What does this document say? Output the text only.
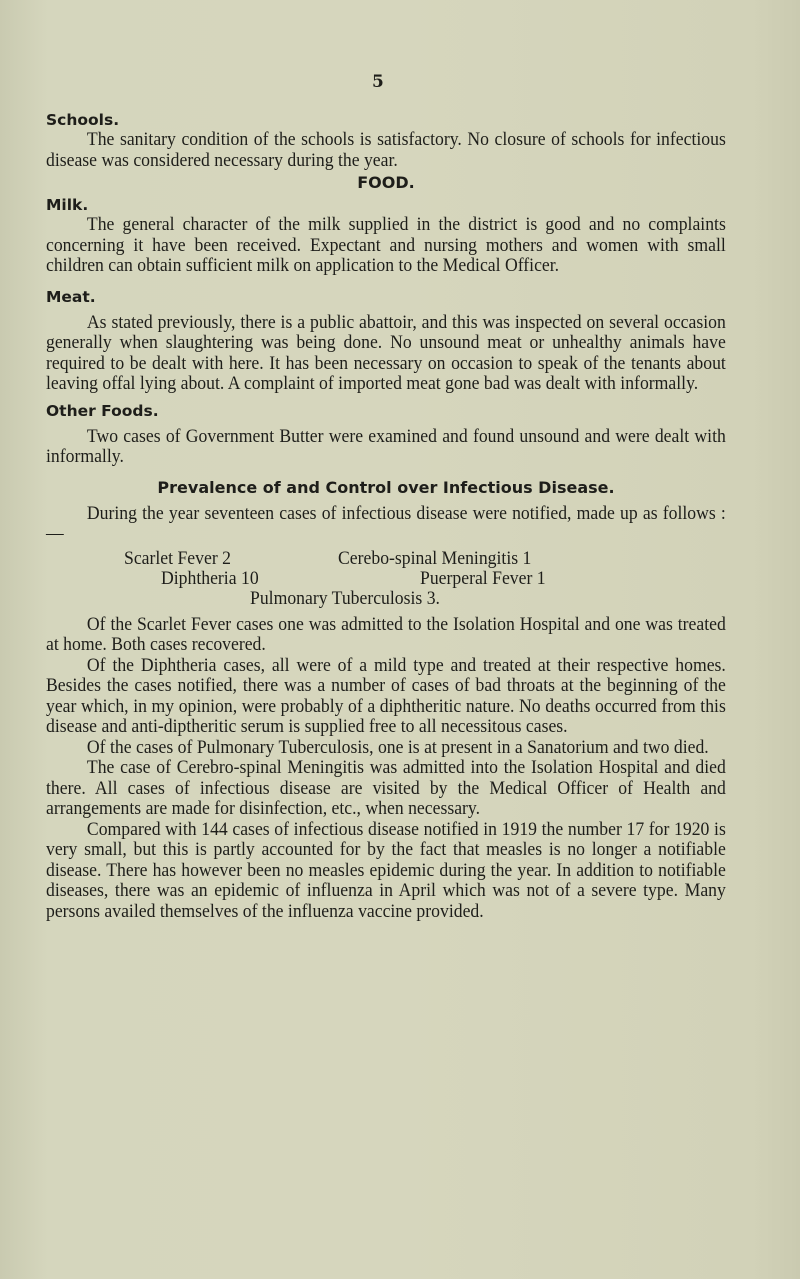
5
Schools.

The sanitary condition of the schools is satisfactory. No closure of schools for infectious disease was considered necessary during the year.

FOOD.
Milk.

The general character of the milk supplied in the district is good and no complaints concerning it have been received. Expectant and nursing mothers and women with small children can obtain sufficient milk on application to the Medical Officer.

Meat.

As stated previously, there is a public abattoir, and this was inspected on several occasion generally when slaughtering was being done. No unsound meat or unhealthy animals have required to be dealt with here. It has been necessary on occasion to speak of the tenants about leaving offal lying about. A complaint of imported meat gone bad was dealt with informally.

Other Foods.

Two cases of Government Butter were examined and found unsound and were dealt with informally.

Prevalence of and Control over Infectious Disease.

During the year seventeen cases of infectious disease were notified, made up as follows :—

Scarlet Fever 2	Cerebo-spinal Meningitis 1
Diphtheria 10	Puerperal Fever 1
Pulmonary Tuberculosis 3.

Of the Scarlet Fever cases one was admitted to the Isolation Hospital and one was treated at home. Both cases recovered.

Of the Diphtheria cases, all were of a mild type and treated at their respective homes. Besides the cases notified, there was a number of cases of bad throats at the beginning of the year which, in my opinion, were probably of a diphtheritic nature. No deaths occurred from this disease and anti-diptheritic serum is supplied free to all necessitous cases.

Of the cases of Pulmonary Tuberculosis, one is at present in a Sanatorium and two died.

The case of Cerebro-spinal Meningitis was admitted into the Isolation Hospital and died there. All cases of infectious disease are visited by the Medical Officer of Health and arrangements are made for disinfection, etc., when necessary.

Compared with 144 cases of infectious disease notified in 1919 the number 17 for 1920 is very small, but this is partly accounted for by the fact that measles is no longer a notifiable disease. There has however been no measles epidemic during the year. In addition to notifiable diseases, there was an epidemic of influenza in April which was not of a severe type. Many persons availed themselves of the influenza vaccine provided.
